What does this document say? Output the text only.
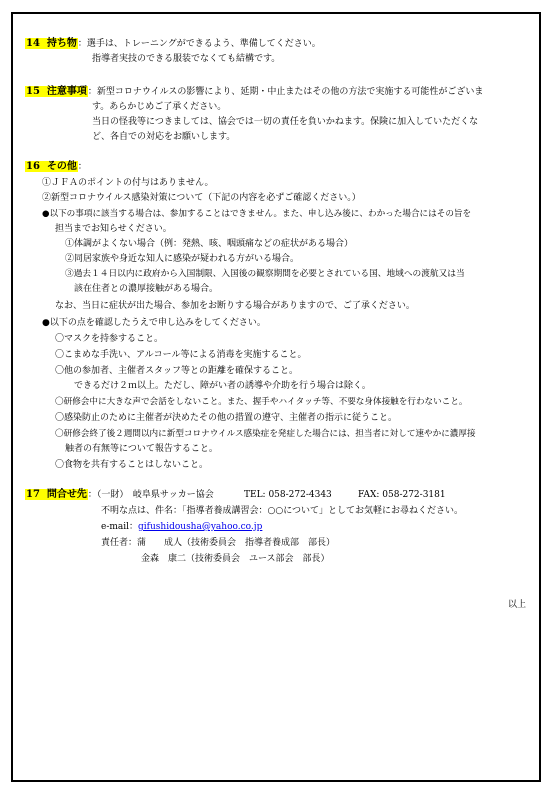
14 持ち物：選手は、トレーニングができるよう、準備してください。
指導者実技のできる服装でなくても結構です。
15 注意事項：新型コロナウイルスの影響により、延期・中止またはその他の方法で実施する可能性がございま
す。あらかじめご了承ください。
当日の怪我等につきましては、協会では一切の責任を負いかねます。保険に加入していただくな
ど、各自での対応をお願いします。
16 その他：
①ＪＦＡのポイントの付与はありません。
②新型コロナウイルス感染対策について（下記の内容を必ずご確認ください。）
●以下の事項に該当する場合は、参加することはできません。また、申し込み後に、わかった場合にはその旨を
担当までお知らせください。
①体調がよくない場合（例：発熱、咳、咽頭痛などの症状がある場合）
②同居家族や身近な知人に感染が疑われる方がいる場合。
③過去１４日以内に政府から入国制限、入国後の観察期間を必要とされている国、地域への渡航又は当
該在住者との濃厚接触がある場合。
なお、当日に症状が出た場合、参加をお断りする場合がありますので、ご了承ください。
●以下の点を確認したうえで申し込みをしてください。
〇マスクを持参すること。
〇こまめな手洗い、アルコール等による消毒を実施すること。
〇他の参加者、主催者スタッフ等との距離を確保すること。
できるだけ２ｍ以上。ただし、障がい者の誘導や介助を行う場合は除く。
〇研修会中に大きな声で会話をしないこと。また、握手やハイタッチ等、不要な身体接触を行わないこと。
〇感染防止のために主催者が決めたその他の措置の遵守、主催者の指示に従うこと。
〇研修会終了後２週間以内に新型コロナウイルス感染症を発症した場合には、担当者に対して速やかに濃厚接
触者の有無等について報告すること。
〇食物を共有することはしないこと。
17 問合せ先：（一財）　岐阜県サッカー協会	TEL: 058-272-4343	FAX: 058-272-3181
不明な点は、件名：「指導者養成講習会：○○について」としてお気軽にお尋ねください。
e-mail：gifushidousha@yahoo.co.jp
責任者：蒲　　成人（技術委員会　指導者養成部　部長）
金森　康二（技術委員会　ユース部会　部長）
以上
